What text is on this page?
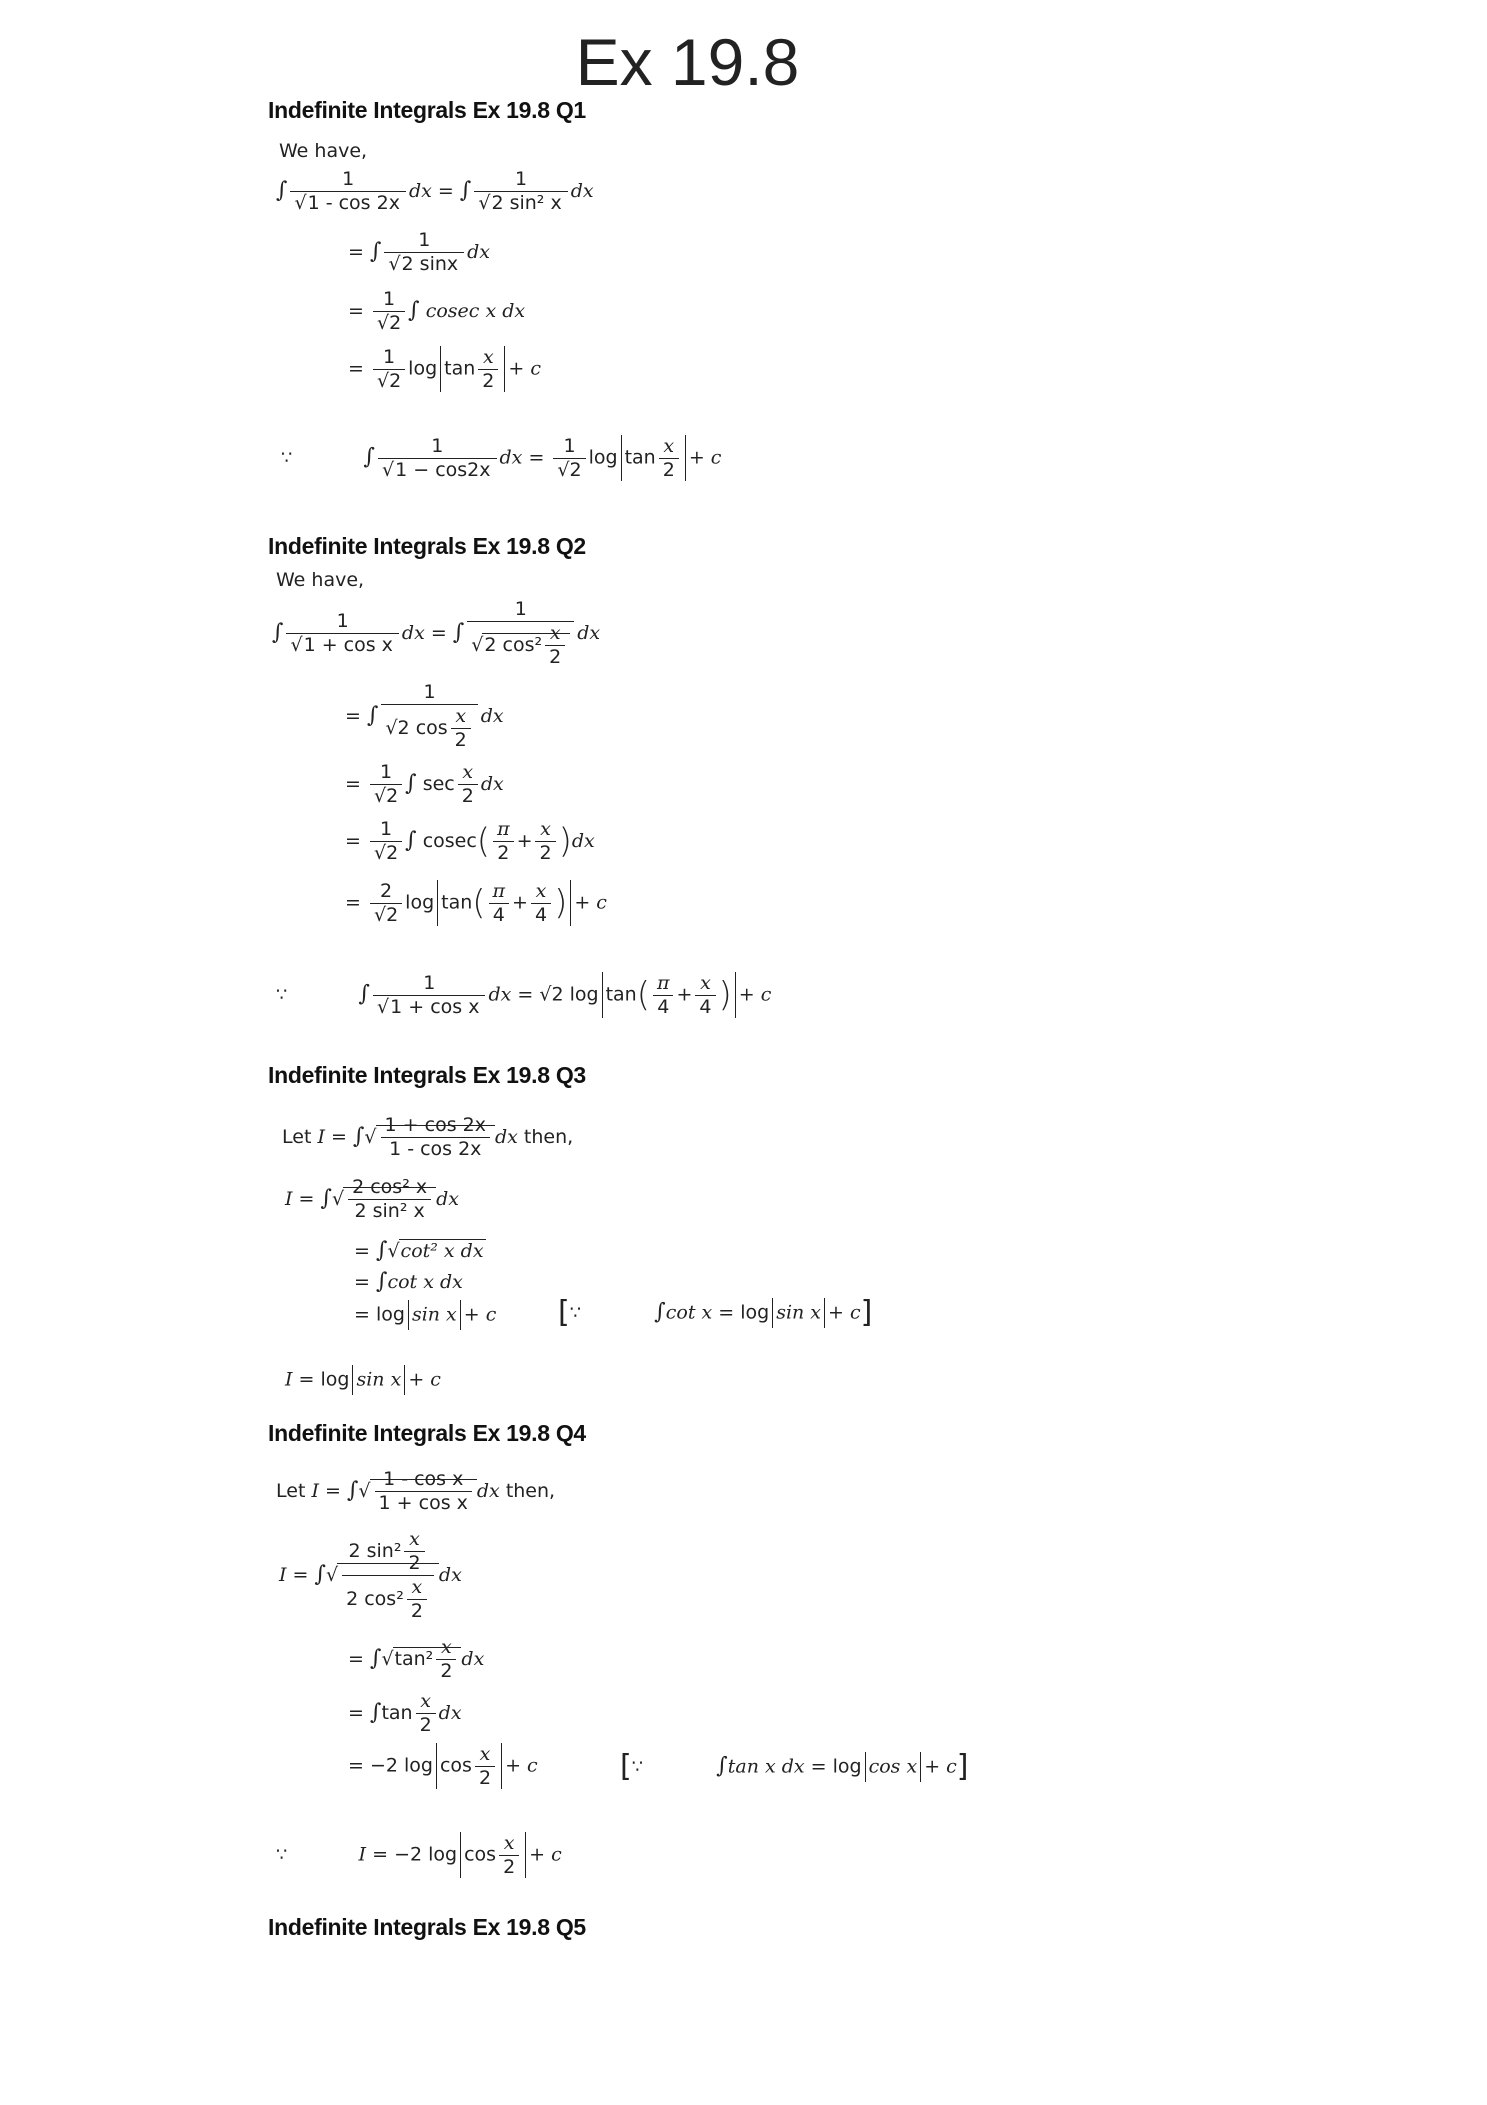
Ex 19.8
Indefinite Integrals Ex 19.8 Q1
We have,
∫ $\frac{1}{√1 - \cos 2x}$ dx = ∫ $\frac{1}{\text{√2 sin² x}}$ dx
= ∫ $\frac{1}{√2 \sin x}$ dx
= $\frac{1}{√2}$ ∫ cosec x dx
= $\frac{1}{√2}$ $\log \tan \frac{x}{2} + c$
∵	∫ $\frac{1}{√1 - \cos 2x}$ dx = $\frac{1}{√2}$ $\log \tan \frac{x}{2} + c$
Indefinite Integrals Ex 19.8 Q2
We have,
∫ $\frac{1}{\text{√1 + cos x}}$ dx = ∫ $\frac{1}{√2 \cos^2 \frac{x}{2}}$ dx
= ∫ $\frac{1}{√2 \cos \frac{x}{2}}$ dx
= $\frac{1}{√2}$ ∫ $\sec \frac{x}{2}$ dx
= $\frac{1}{√2}$ ∫ $cosec( \frac{\pi}{2} + \frac{x}{2} )dx$
= $\frac{2}{√2}$ $\log \tan( \frac{\pi}{4} + \frac{x}{4}$ ) + c
∵	∫ $\frac{1}{\text{√1 + cos x}}$ dx = √2 $\log \tan( \frac{\pi}{4} + \frac{x}{4}$ ) + c
Indefinite Integrals Ex 19.8 Q3
Let I = ∫√ $\frac{1 + \cos 2x}{1 - \cos 2x}$ dx then,
I = ∫√ $\frac{\text{2 cos² x}}{\text{2 sin² x}}$ dx
= ∫√cot² x dx
= ∫cot x dx
= log sin x + c [∵	∫cot x = log sin x + c]
I = log sin x + c
Indefinite Integrals Ex 19.8 Q4
Let I = ∫√ $\frac{\text{1 - cos x}}{\text{1 + cos x}}$ dx then,
I = ∫√ $\frac{2 \sin^2 \frac{x}{2}}{2 \cos^2 \frac{x}{2}}$ dx
= $\int√\tan^2 \frac{x}{2}$ dx
= $\int\tan \frac{x}{2}$ dx
= −2 $\log \cos \frac{x}{2} + c$	[∵	∫tan x dx = log cos x + c]
∵	I = −2 $\log \cos \frac{x}{2} + c$
Indefinite Integrals Ex 19.8 Q5
